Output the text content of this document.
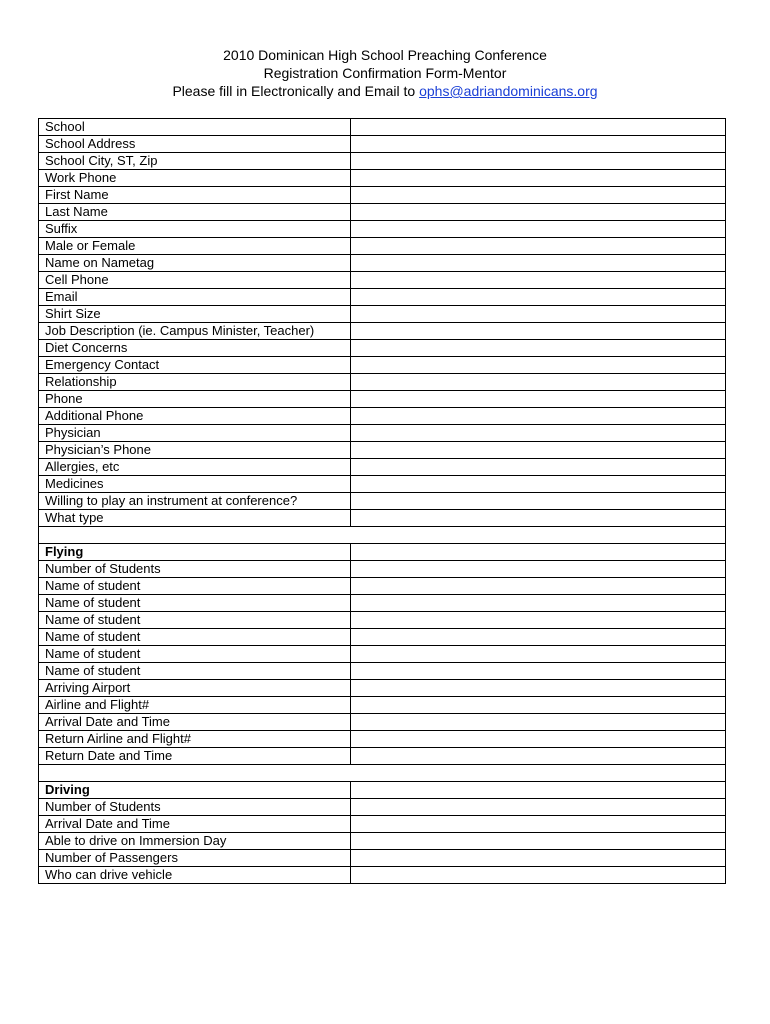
2010 Dominican High School Preaching Conference
Registration Confirmation Form-Mentor
Please fill in Electronically and Email to ophs@adriandominicans.org
School	
School Address	
School City, ST, Zip	
Work Phone	
First Name	
Last Name	
Suffix	
Male or Female	
Name on Nametag	
Cell Phone	
Email	
Shirt Size	
Job Description (ie. Campus Minister, Teacher)	
Diet Concerns	
Emergency Contact	
Relationship	
Phone	
Additional Phone	
Physician	
Physician’s Phone	
Allergies, etc	
Medicines	
Willing to play an instrument at conference?	
What type	

Flying	
Number of Students	
Name of student	
Name of student	
Name of student	
Name of student	
Name of student	
Name of student	
Arriving Airport	
Airline and Flight#	
Arrival Date and Time	
Return Airline and Flight#	
Return Date and Time	

Driving	
Number of Students	
Arrival Date and Time	
Able to drive on Immersion Day	
Number of Passengers	
Who can drive vehicle	
